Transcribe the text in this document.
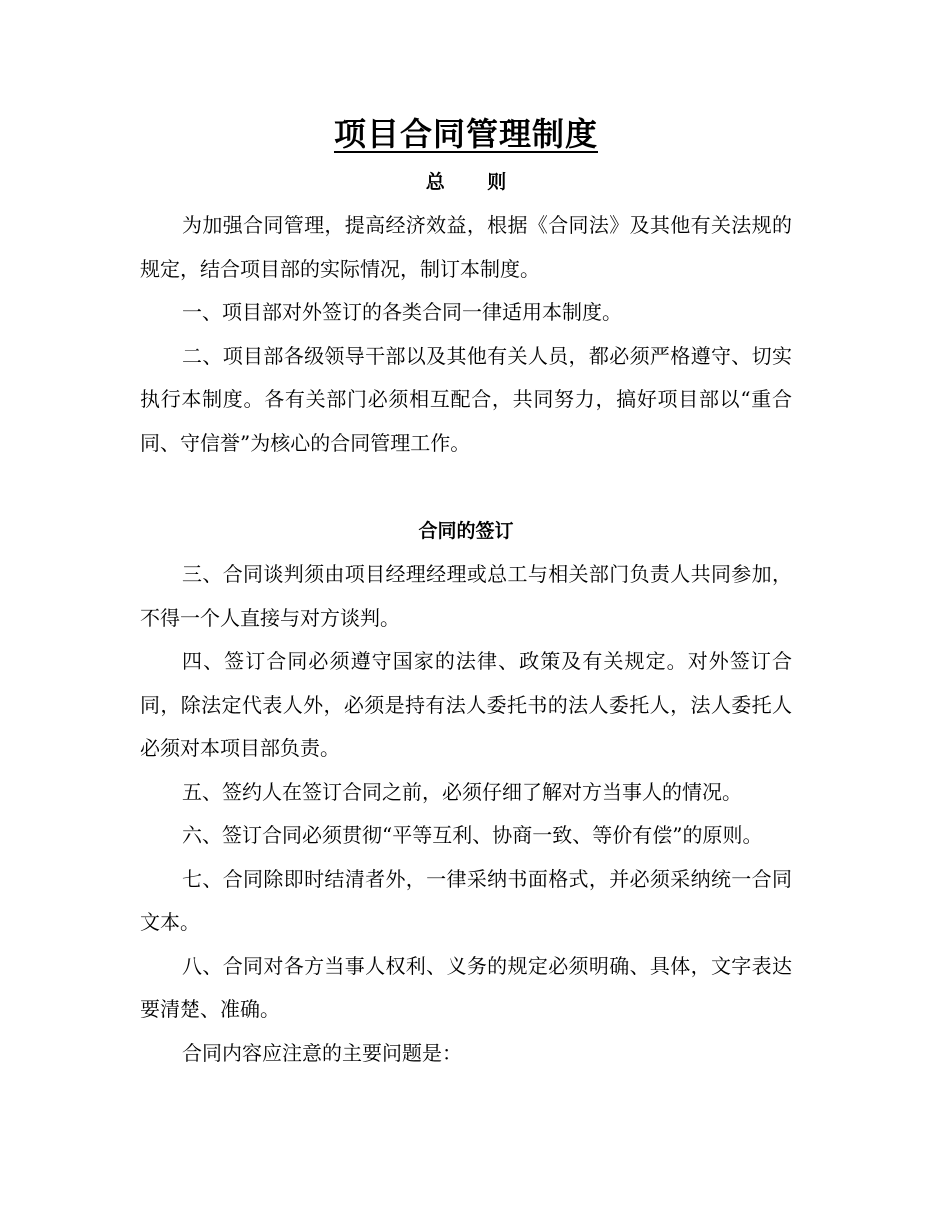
项目合同管理制度
总 则

为加强合同管理，提高经济效益，根据《合同法》及其他有关法规的规定，结合项目部的实际情况，制订本制度。

一、项目部对外签订的各类合同一律适用本制度。

二、项目部各级领导干部以及其他有关人员，都必须严格遵守、切实执行本制度。各有关部门必须相互配合，共同努力，搞好项目部以“重合同、守信誉”为核心的合同管理工作。

合同的签订

三、合同谈判须由项目经理经理或总工与相关部门负责人共同参加，不得一个人直接与对方谈判。

四、签订合同必须遵守国家的法律、政策及有关规定。对外签订合同，除法定代表人外，必须是持有法人委托书的法人委托人，法人委托人必须对本项目部负责。

五、签约人在签订合同之前，必须仔细了解对方当事人的情况。

六、签订合同必须贯彻“平等互利、协商一致、等价有偿”的原则。

七、合同除即时结清者外，一律采纳书面格式，并必须采纳统一合同文本。

八、合同对各方当事人权利、义务的规定必须明确、具体，文字表达要清楚、准确。

合同内容应注意的主要问题是：
